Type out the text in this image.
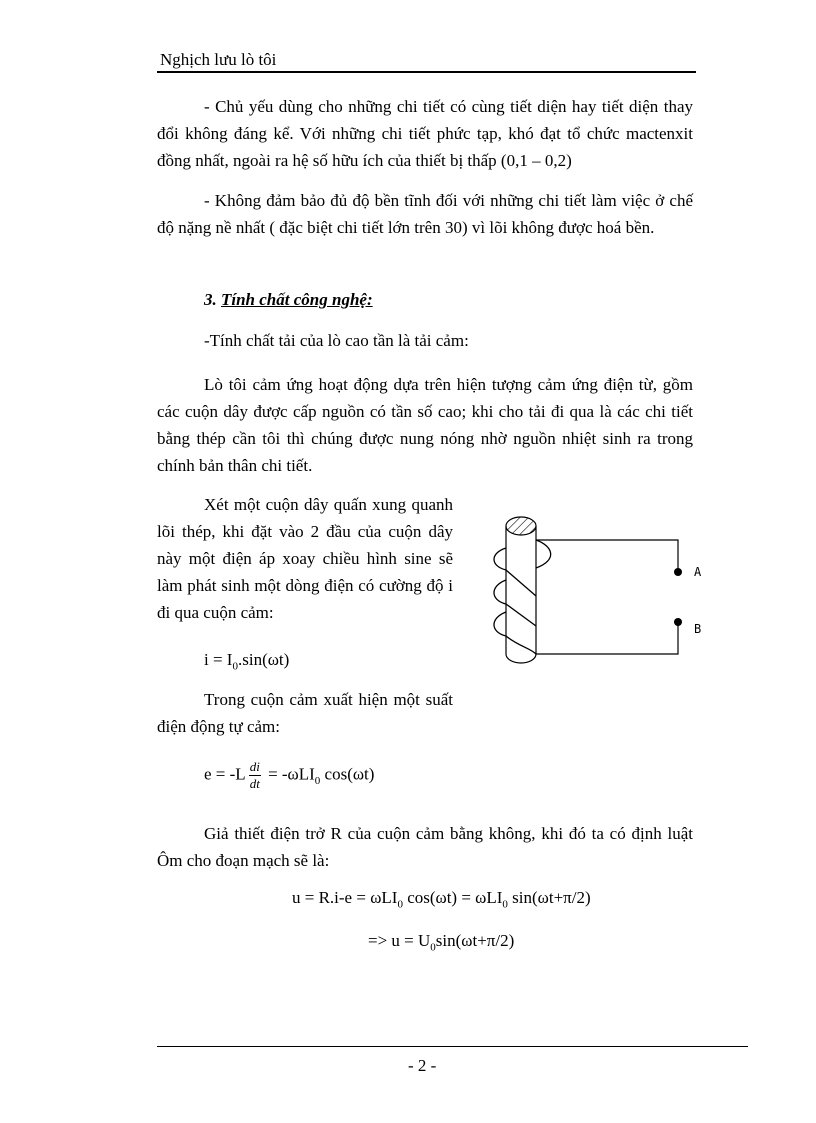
Nghịch lưu lò tôi

- Chủ yếu dùng cho những chi tiết có cùng tiết diện hay tiết diện thay đổi không đáng kể. Với những chi tiết phức tạp, khó đạt tổ chức mactenxit đồng nhất, ngoài ra hệ số hữu ích của thiết bị thấp (0,1 – 0,2)

- Không đảm bảo đủ độ bền tĩnh đối với những chi tiết làm việc ở chế độ nặng nề nhất ( đặc biệt chi tiết lớn trên 30) vì lõi không được hoá bền.

3. Tính chất công nghệ:

-Tính chất tải của lò cao tần là tải cảm:

Lò tôi cảm ứng hoạt động dựa trên hiện tượng cảm ứng điện từ, gồm các cuộn dây được cấp nguồn có tần số cao; khi cho tải đi qua là các chi tiết bằng thép cần tôi thì chúng được nung nóng nhờ nguồn nhiệt sinh ra trong chính bản thân chi tiết.

Xét một cuộn dây quấn xung quanh lõi thép, khi đặt vào 2 đầu của cuộn dây này một điện áp xoay chiều hình sine sẽ làm phát sinh một dòng điện có cường độ i đi qua cuộn cảm:

$i = I_0.\sin(\omega t)$

Trong cuộn cảm xuất hiện một suất điện động tự cảm:

$e = -L \frac{di}{dt} = -\omega LI_0$ cos(ωt)

Giả thiết điện trở R của cuộn cảm bằng không, khi đó ta có định luật Ôm cho đoạn mạch sẽ là:

u = R.i-e = ωLI$_0$ cos(ωt) = ωLI$_0$ sin(ωt+π/2)

=> $u = U_0\sin(\omega t+\pi/2)$

A
B
- 2 -
